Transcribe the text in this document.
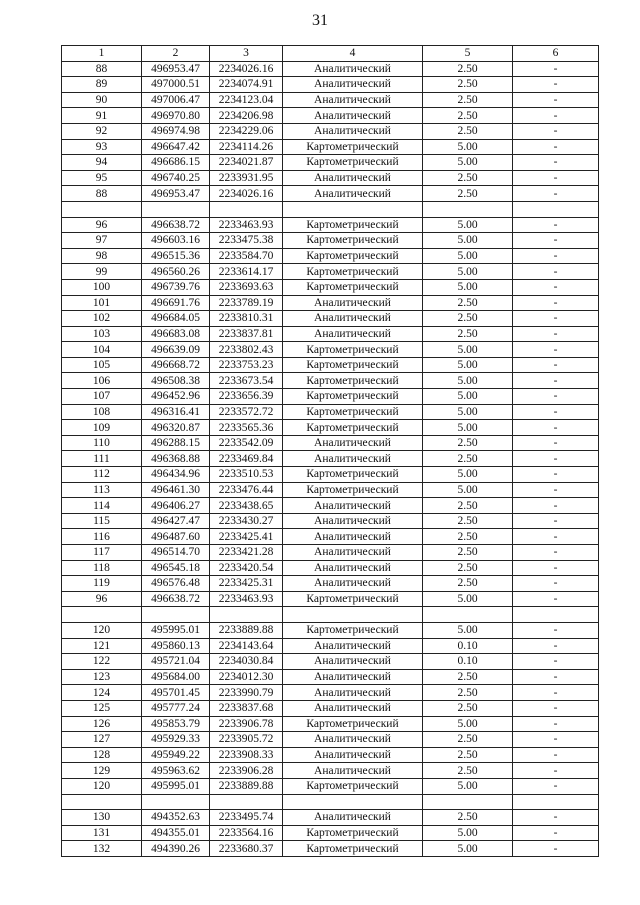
31
1	2	3	4	5	6
88	496953.47	2234026.16	Аналитический	2.50	-
89	497000.51	2234074.91	Аналитический	2.50	-
90	497006.47	2234123.04	Аналитический	2.50	-
91	496970.80	2234206.98	Аналитический	2.50	-
92	496974.98	2234229.06	Аналитический	2.50	-
93	496647.42	2234114.26	Картометрический	5.00	-
94	496686.15	2234021.87	Картометрический	5.00	-
95	496740.25	2233931.95	Аналитический	2.50	-
88	496953.47	2234026.16	Аналитический	2.50	-

96	496638.72	2233463.93	Картометрический	5.00	-
97	496603.16	2233475.38	Картометрический	5.00	-
98	496515.36	2233584.70	Картометрический	5.00	-
99	496560.26	2233614.17	Картометрический	5.00	-
100	496739.76	2233693.63	Картометрический	5.00	-
101	496691.76	2233789.19	Аналитический	2.50	-
102	496684.05	2233810.31	Аналитический	2.50	-
103	496683.08	2233837.81	Аналитический	2.50	-
104	496639.09	2233802.43	Картометрический	5.00	-
105	496668.72	2233753.23	Картометрический	5.00	-
106	496508.38	2233673.54	Картометрический	5.00	-
107	496452.96	2233656.39	Картометрический	5.00	-
108	496316.41	2233572.72	Картометрический	5.00	-
109	496320.87	2233565.36	Картометрический	5.00	-
110	496288.15	2233542.09	Аналитический	2.50	-
111	496368.88	2233469.84	Аналитический	2.50	-
112	496434.96	2233510.53	Картометрический	5.00	-
113	496461.30	2233476.44	Картометрический	5.00	-
114	496406.27	2233438.65	Аналитический	2.50	-
115	496427.47	2233430.27	Аналитический	2.50	-
116	496487.60	2233425.41	Аналитический	2.50	-
117	496514.70	2233421.28	Аналитический	2.50	-
118	496545.18	2233420.54	Аналитический	2.50	-
119	496576.48	2233425.31	Аналитический	2.50	-
96	496638.72	2233463.93	Картометрический	5.00	-

120	495995.01	2233889.88	Картометрический	5.00	-
121	495860.13	2234143.64	Аналитический	0.10	-
122	495721.04	2234030.84	Аналитический	0.10	-
123	495684.00	2234012.30	Аналитический	2.50	-
124	495701.45	2233990.79	Аналитический	2.50	-
125	495777.24	2233837.68	Аналитический	2.50	-
126	495853.79	2233906.78	Картометрический	5.00	-
127	495929.33	2233905.72	Аналитический	2.50	-
128	495949.22	2233908.33	Аналитический	2.50	-
129	495963.62	2233906.28	Аналитический	2.50	-
120	495995.01	2233889.88	Картометрический	5.00	-

130	494352.63	2233495.74	Аналитический	2.50	-
131	494355.01	2233564.16	Картометрический	5.00	-
132	494390.26	2233680.37	Картометрический	5.00	-
